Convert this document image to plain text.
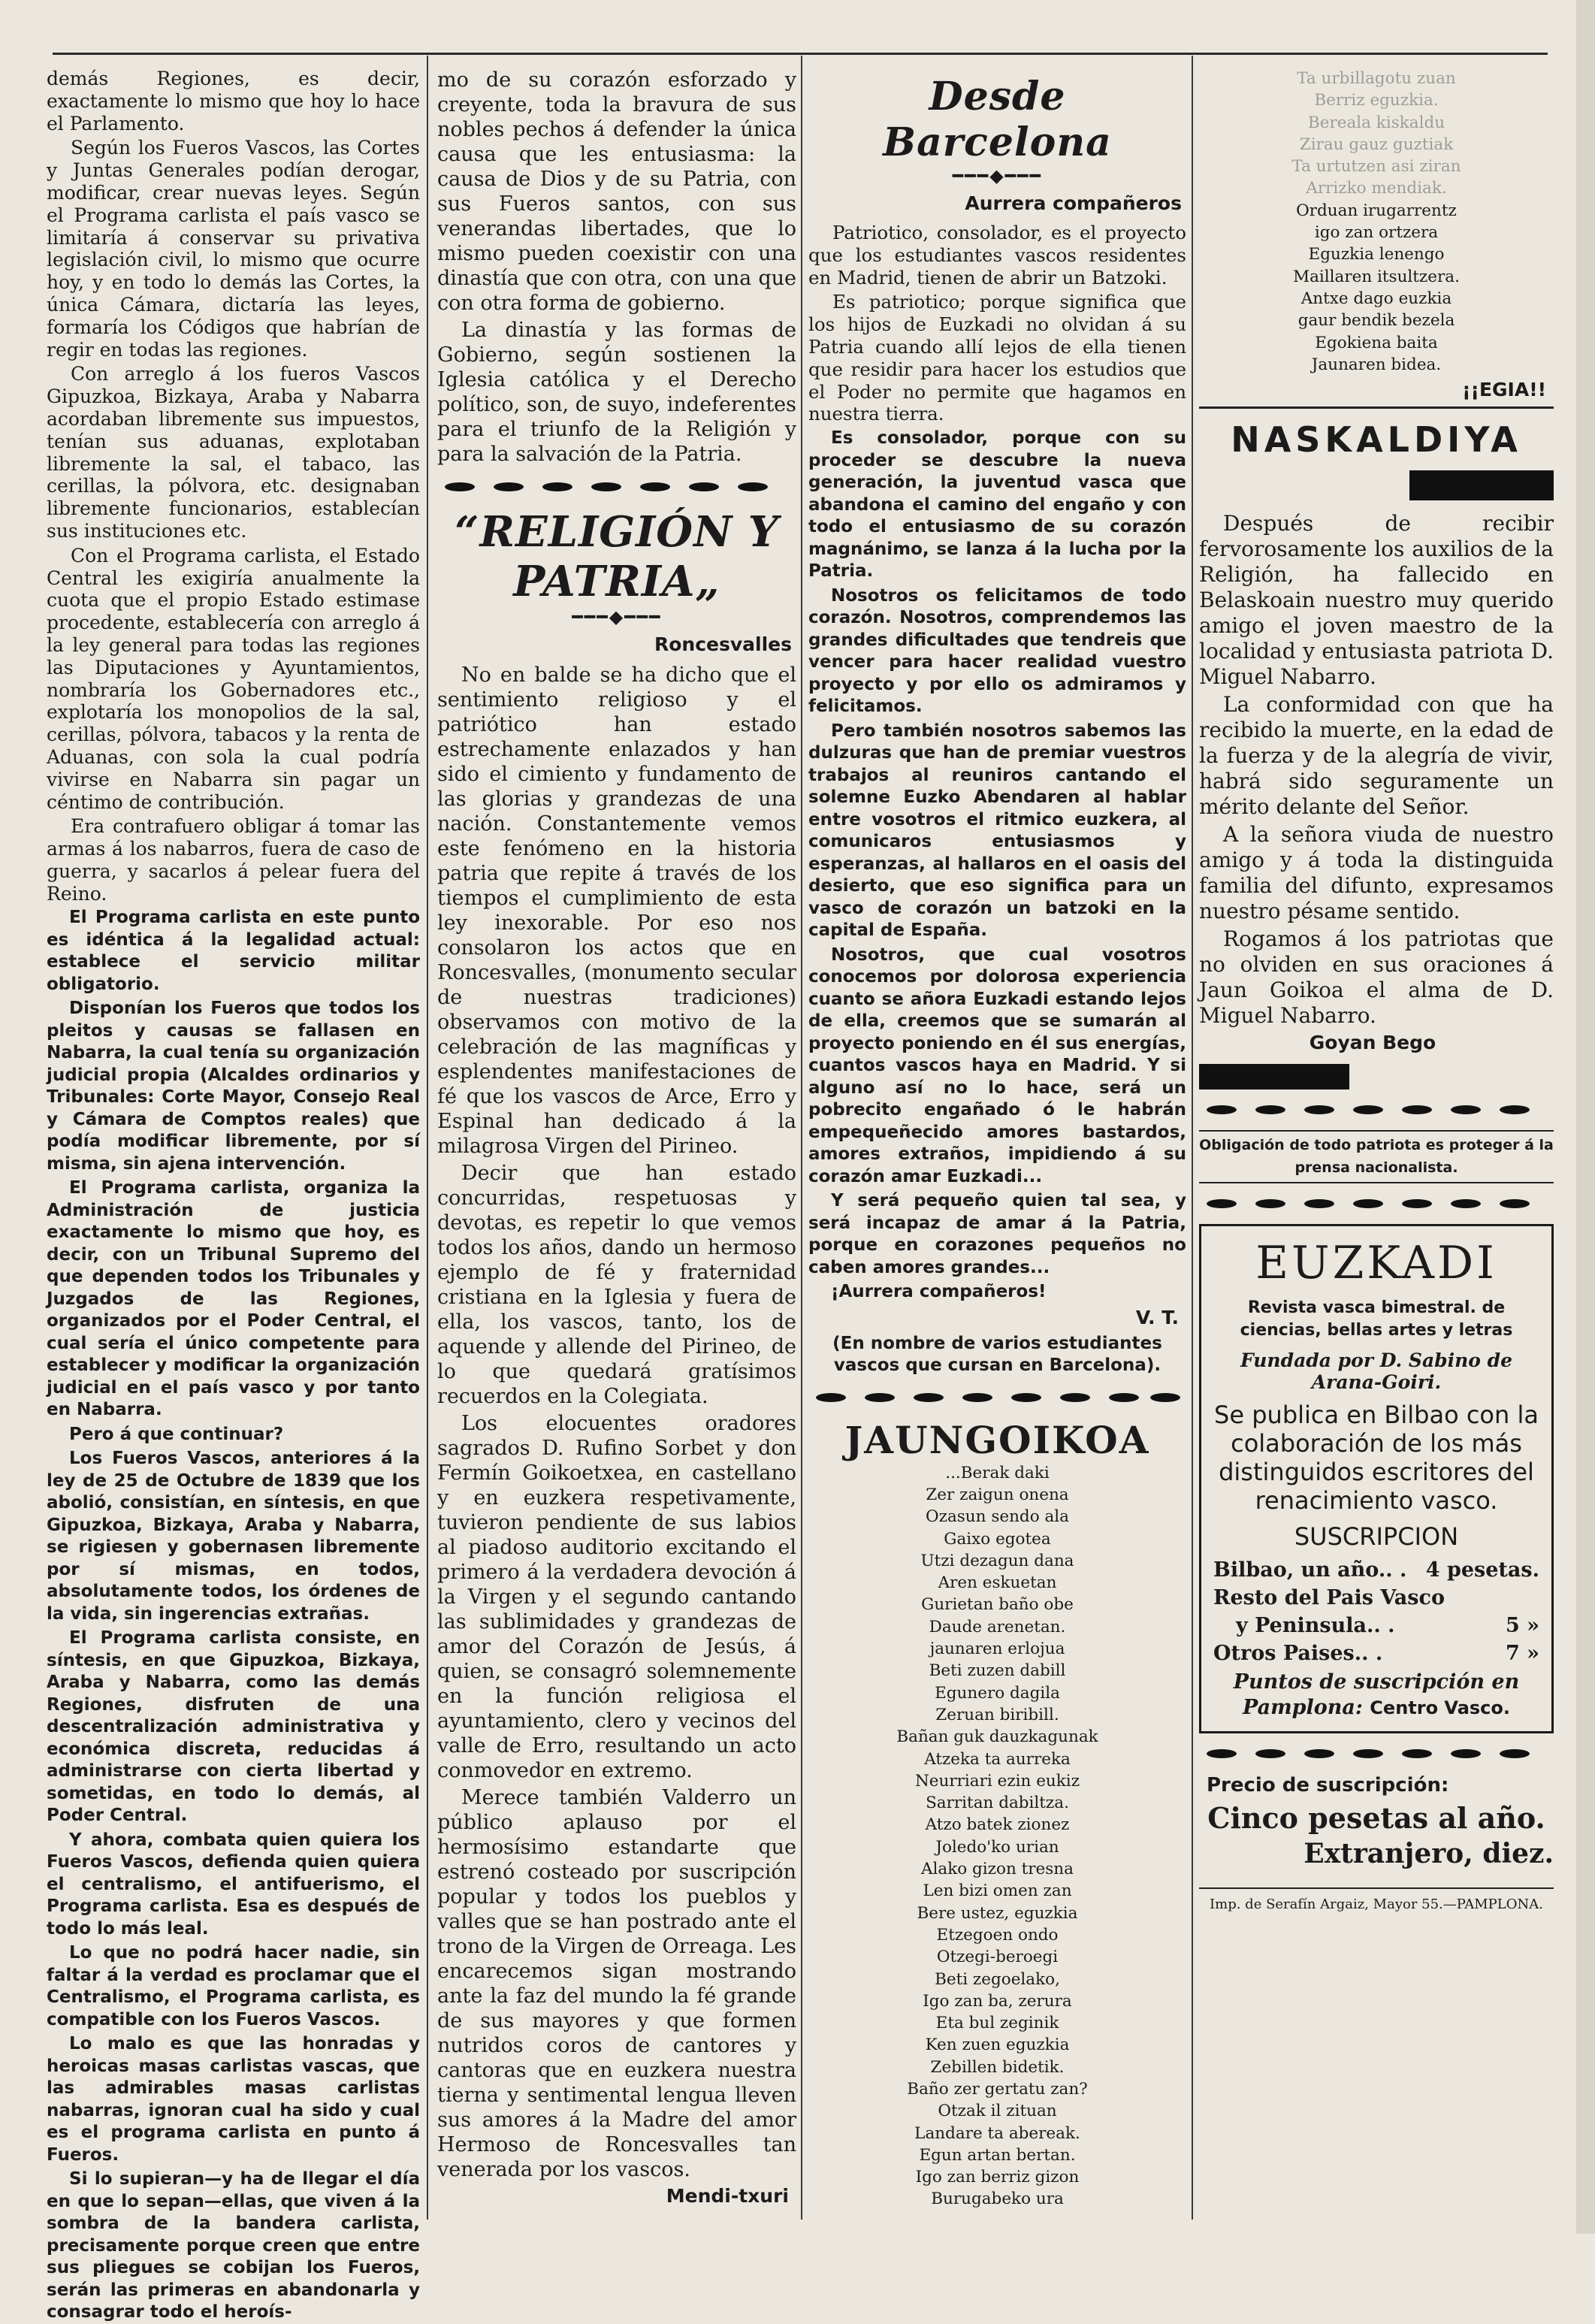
demás Regiones, es decir, exactamente lo mismo que hoy lo hace el Parlamento.

Según los Fueros Vascos, las Cortes y Juntas Generales podían derogar, modificar, crear nuevas leyes. Según el Programa carlista el país vasco se limitaría á conservar su privativa legislación civil, lo mismo que ocurre hoy, y en todo lo demás las Cortes, la única Cámara, dictaría las leyes, formaría los Códigos que habrían de regir en todas las regiones.

Con arreglo á los fueros Vascos Gipuzkoa, Bizkaya, Araba y Nabarra acordaban libremente sus impuestos, tenían sus aduanas, explotaban libremente la sal, el tabaco, las cerillas, la pólvora, etc. designaban libremente funcionarios, establecían sus instituciones etc.

Con el Programa carlista, el Estado Central les exigiría anualmente la cuota que el propio Estado estimase procedente, establecería con arreglo á la ley general para todas las regiones las Diputaciones y Ayuntamientos, nombraría los Gobernadores etc., explotaría los monopolios de la sal, cerillas, pólvora, tabacos y la renta de Aduanas, con sola la cual podría vivirse en Nabarra sin pagar un céntimo de contribución.

Era contrafuero obligar á tomar las armas á los nabarros, fuera de caso de guerra, y sacarlos á pelear fuera del Reino.

El Programa carlista en este punto es idéntica á la legalidad actual: establece el servicio militar obligatorio.

Disponían los Fueros que todos los pleitos y causas se fallasen en Nabarra, la cual tenía su organización judicial propia (Alcaldes ordinarios y Tribunales: Corte Mayor, Consejo Real y Cámara de Comptos reales) que podía modificar libremente, por sí misma, sin ajena intervención.

El Programa carlista, organiza la Administración de justicia exactamente lo mismo que hoy, es decir, con un Tribunal Supremo del que dependen todos los Tribunales y Juzgados de las Regiones, organizados por el Poder Central, el cual sería el único competente para establecer y modificar la organización judicial en el país vasco y por tanto en Nabarra.

Pero á que continuar?

Los Fueros Vascos, anteriores á la ley de 25 de Octubre de 1839 que los abolió, consistían, en síntesis, en que Gipuzkoa, Bizkaya, Araba y Nabarra, se rigiesen y gobernasen libremente por sí mismas, en todos, absolutamente todos, los órdenes de la vida, sin ingerencias extrañas.

El Programa carlista consiste, en síntesis, en que Gipuzkoa, Bizkaya, Araba y Nabarra, como las demás Regiones, disfruten de una descentralización administrativa y económica discreta, reducidas á administrarse con cierta libertad y sometidas, en todo lo demás, al Poder Central.

Y ahora, combata quien quiera los Fueros Vascos, defienda quien quiera el centralismo, el antifuerismo, el Programa carlista. Esa es después de todo lo más leal.

Lo que no podrá hacer nadie, sin faltar á la verdad es proclamar que el Centralismo, el Programa carlista, es compatible con los Fueros Vascos.

Lo malo es que las honradas y heroicas masas carlistas vascas, que las admirables masas carlistas nabarras, ignoran cual ha sido y cual es el programa carlista en punto á Fueros.

Si lo supieran—y ha de llegar el día en que lo sepan—ellas, que viven á la sombra de la bandera carlista, precisamente porque creen que entre sus pliegues se cobijan los Fueros, serán las primeras en abandonarla y consagrar todo el heroís-

mo de su corazón esforzado y creyente, toda la bravura de sus nobles pechos á defender la única causa que les entusiasma: la causa de Dios y de su Patria, con sus Fueros santos, con sus venerandas libertades, que lo mismo pueden coexistir con una dinastía que con otra, con una que con otra forma de gobierno.

La dinastía y las formas de Gobierno, según sostienen la Iglesia católica y el Derecho político, son, de suyo, indeferentes para el triunfo de la Religión y para la salvación de la Patria.

“RELIGIÓN Y PATRIA„
━━━◆━━━
Roncesvalles

No en balde se ha dicho que el sentimiento religioso y el patriótico han estado estrechamente enlazados y han sido el cimiento y fundamento de las glorias y grandezas de una nación. Constantemente vemos este fenómeno en la historia patria que repite á través de los tiempos el cumplimiento de esta ley inexorable. Por eso nos consolaron los actos que en Roncesvalles, (monumento secular de nuestras tradiciones) observamos con motivo de la celebración de las magníficas y esplendentes manifestaciones de fé que los vascos de Arce, Erro y Espinal han dedicado á la milagrosa Virgen del Pirineo.

Decir que han estado concurridas, respetuosas y devotas, es repetir lo que vemos todos los años, dando un hermoso ejemplo de fé y fraternidad cristiana en la Iglesia y fuera de ella, los vascos, tanto, los de aquende y allende del Pirineo, de lo que quedará gratísimos recuerdos en la Colegiata.

Los elocuentes oradores sagrados D. Rufino Sorbet y don Fermín Goikoetxea, en castellano y en euzkera respetivamente, tuvieron pendiente de sus labios al piadoso auditorio excitando el primero á la verdadera devoción á la Virgen y el segundo cantando las sublimidades y grandezas de amor del Corazón de Jesús, á quien, se consagró solemnemente en la función religiosa el ayuntamiento, clero y vecinos del valle de Erro, resultando un acto conmovedor en extremo.

Merece también Valderro un público aplauso por el hermosísimo estandarte que estrenó costeado por suscripción popular y todos los pueblos y valles que se han postrado ante el trono de la Virgen de Orreaga. Les encarecemos sigan mostrando ante la faz del mundo la fé grande de sus mayores y que formen nutridos coros de cantores y cantoras que en euzkera nuestra tierna y sentimental lengua lleven sus amores á la Madre del amor Hermoso de Roncesvalles tan venerada por los vascos.

Mendi-txuri
Desde Barcelona
━━━◆━━━
Aurrera compañeros

Patriotico, consolador, es el proyecto que los estudiantes vascos residentes en Madrid, tienen de abrir un Batzoki.

Es patriotico; porque significa que los hijos de Euzkadi no olvidan á su Patria cuando allí lejos de ella tienen que residir para hacer los estudios que el Poder no permite que hagamos en nuestra tierra.

Es consolador, porque con su proceder se descubre la nueva generación, la juventud vasca que abandona el camino del engaño y con todo el entusiasmo de su corazón magnánimo, se lanza á la lucha por la Patria.

Nosotros os felicitamos de todo corazón. Nosotros, comprendemos las grandes dificultades que tendreis que vencer para hacer realidad vuestro proyecto y por ello os admiramos y felicitamos.

Pero también nosotros sabemos las dulzuras que han de premiar vuestros trabajos al reuniros cantando el solemne Euzko Abendaren al hablar entre vosotros el ritmico euzkera, al comunicaros entusiasmos y esperanzas, al hallaros en el oasis del desierto, que eso significa para un vasco de corazón un batzoki en la capital de España.

Nosotros, que cual vosotros conocemos por dolorosa experiencia cuanto se añora Euzkadi estando lejos de ella, creemos que se sumarán al proyecto poniendo en él sus energías, cuantos vascos haya en Madrid. Y si alguno así no lo hace, será un pobrecito engañado ó le habrán empequeñecido amores bastardos, amores extraños, impidiendo á su corazón amar Euzkadi...

Y será pequeño quien tal sea, y será incapaz de amar á la Patria, porque en corazones pequeños no caben amores grandes...

¡Aurrera compañeros!

V. T.

(En nombre de varios estudiantes vascos que cursan en Barcelona).

JAUNGOIKOA
...Berak daki
Zer zaigun onena
Ozasun sendo ala
Gaixo egotea
Utzi dezagun dana
Aren eskuetan
Gurietan baño obe
Daude arenetan.
jaunaren erlojua
Beti zuzen dabill
Egunero dagila
Zeruan biribill.
Bañan guk dauzkagunak
Atzeka ta aurreka
Neurriari ezin eukiz
Sarritan dabiltza.
Atzo batek zionez
Joledo'ko urian
Alako gizon tresna
Len bizi omen zan
Bere ustez, eguzkia
Etzegoen ondo
Otzegi-beroegi
Beti zegoelako,
Igo zan ba, zerura
Eta bul zeginik
Ken zuen eguzkia
Zebillen bidetik.
Baño zer gertatu zan?
Otzak il zituan
Landare ta abereak.
Egun artan bertan.
Igo zan berriz gizon
Burugabeko ura
Ta urbillagotu zuan
Berriz eguzkia.
Bereala kiskaldu
Zirau gauz guztiak
Ta urtutzen asi ziran
Arrizko mendiak.
Orduan irugarrentz
igo zan ortzera
Eguzkia lenengo
Maillaren itsultzera.
Antxe dago euzkia
gaur bendik bezela
Egokiena baita
Jaunaren bidea.
¡¡EGIA!!
NASKALDIYA

Después de recibir fervorosamente los auxilios de la Religión, ha fallecido en Belaskoain nuestro muy querido amigo el joven maestro de la localidad y entusiasta patriota D. Miguel Nabarro.

La conformidad con que ha recibido la muerte, en la edad de la fuerza y de la alegría de vivir, habrá sido seguramente un mérito delante del Señor.

A la señora viuda de nuestro amigo y á toda la distinguida familia del difunto, expresamos nuestro pésame sentido.

Rogamos á los patriotas que no olviden en sus oraciones á Jaun Goikoa el alma de D. Miguel Nabarro.

Goyan Bego

Obligación de todo patriota es proteger á la prensa nacionalista.

EUZKADI

Revista vasca bimestral. de ciencias, bellas artes y letras

Fundada por D. Sabino de Arana-Goiri.

Se publica en Bilbao con la colaboración de los más distinguidos escritores del renacimiento vasco.

SUSCRIPCION
Bilbao, un año.. . 4 pesetas.
Resto del Pais Vasco
y Peninsula.. .	5 »
Otros Paises.. .	7 »
Puntos de suscripción en Pamplona: Centro Vasco.
Precio de suscripción:
Cinco pesetas al año.
Extranjero, diez.
Imp. de Serafín Argaiz, Mayor 55.—PAMPLONA.
